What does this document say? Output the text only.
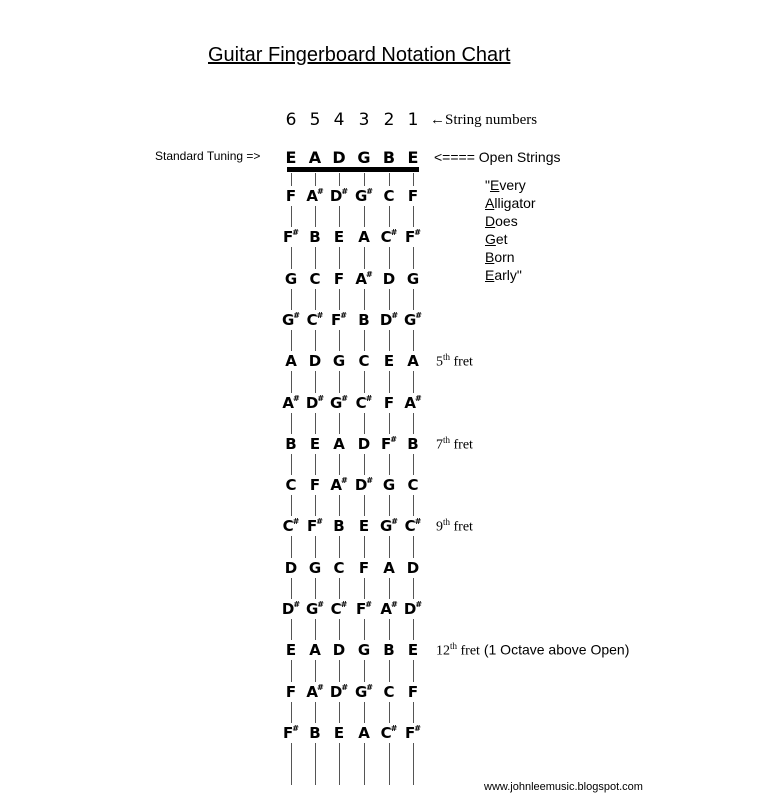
Guitar Fingerboard Notation Chart
6 5 4 3 2 1 ←String numbers
Standard Tuning =>	<==== Open Strings
"Every
Alligator
Does
Get
Born
Early"
E A D G B E
F A# D# G# C F
F# B E A C# F#
G C F A# D G
G# C# F# B D# G#
A D G C E A
A# D# G# C# F A#
B E A D F# B
C F A# D# G C
C# F# B E G# C#
D G C F A D
D# G# C# F# A# D#
E A D G B E
F A# D# G# C F
F# B E A C# F#
5th fret
7th fret
9th fret
12th fret (1 Octave above Open)
www.johnleemusic.blogspot.com
